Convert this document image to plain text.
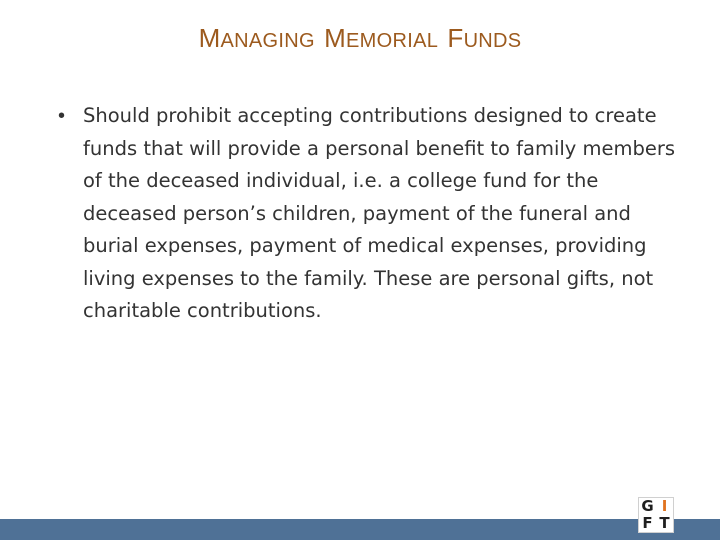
MANAGING MEMORIAL FUNDS
• Should prohibit accepting contributions designed to create funds that will provide a personal benefit to family members of the deceased individual, i.e. a college fund for the deceased person’s children, payment of the funeral and burial expenses, payment of medical expenses, providing living expenses to the family. These are personal gifts, not charitable contributions.

G I
F T
